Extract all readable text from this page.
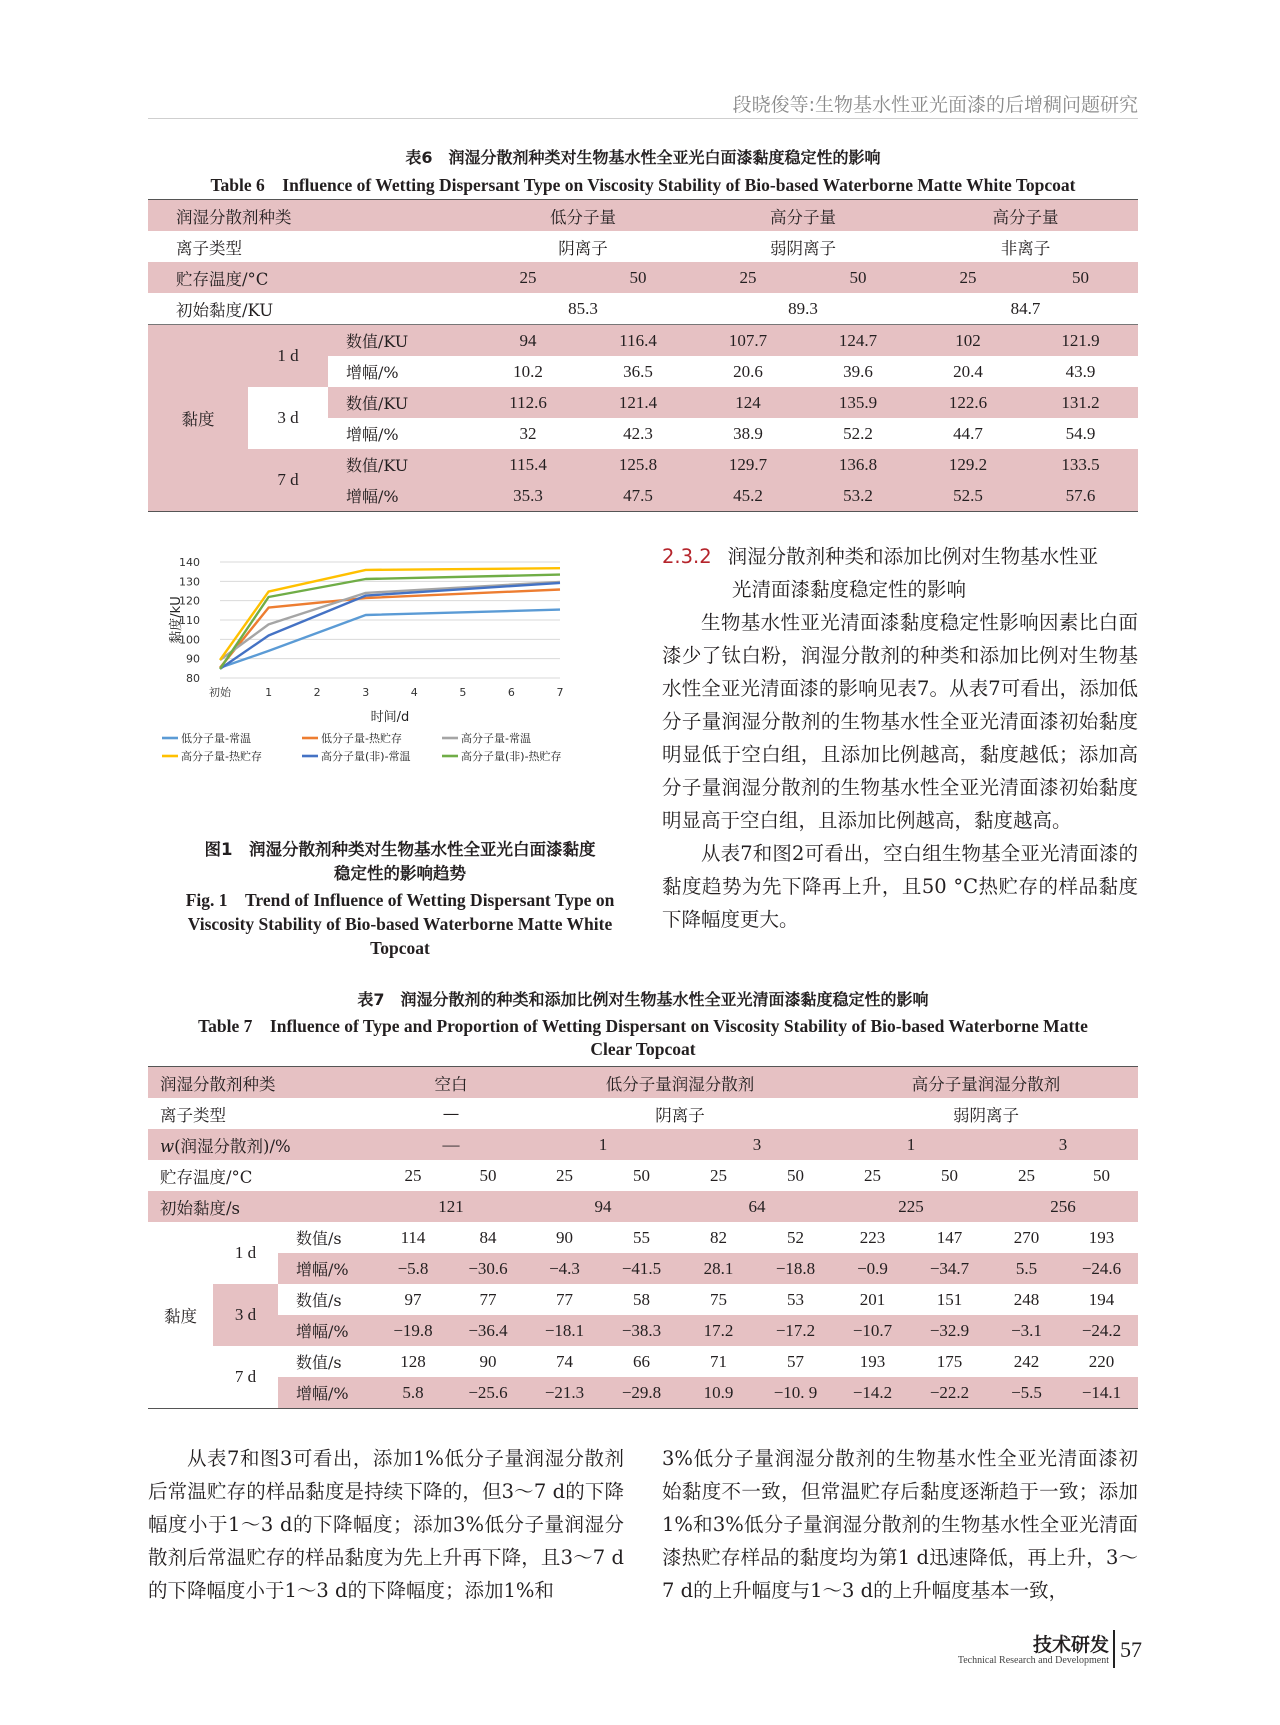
段晓俊等:生物基水性亚光面漆的后增稠问题研究
表6　润湿分散剂种类对生物基水性全亚光白面漆黏度稳定性的影响
Table 6　Influence of Wetting Dispersant Type on Viscosity Stability of Bio-based Waterborne Matte White Topcoat
润湿分散剂种类			低分子量		高分子量		高分子量	
离子类型			阴离子		弱阴离子		非离子	
贮存温度/°C			25	50	25	50	25	50
初始黏度/KU			85.3		89.3		84.7	
黏度	1 d	数值/KU	94	116.4	107.7	124.7	102	121.9
		增幅/%	10.2	36.5	20.6	39.6	20.4	43.9
	3 d	数值/KU	112.6	121.4	124	135.9	122.6	131.2
		增幅/%	32	42.3	38.9	52.2	44.7	54.9
	7 d	数值/KU	115.4	125.8	129.7	136.8	129.2	133.5
		增幅/%	35.3	47.5	45.2	53.2	52.5	57.6
80
90
100
110
120
130
140
初始	1	2	3	4	5	6	7
时间/d
黏度/kU
低分子量-常温	低分子量-热贮存	高分子量-常温
高分子量-热贮存	高分子量(非)-常温	高分子量(非)-热贮存
图1　润湿分散剂种类对生物基水性全亚光白面漆黏度
稳定性的影响趋势
Fig. 1　Trend of Influence of Wetting Dispersant Type on
Viscosity Stability of Bio-based Waterborne Matte White
Topcoat
2.3.2 润湿分散剂种类和添加比例对生物基水性亚
光清面漆黏度稳定性的影响
生物基水性亚光清面漆黏度稳定性影响因素比白面漆少了钛白粉，润湿分散剂的种类和添加比例对生物基水性全亚光清面漆的影响见表7。从表7可看出，添加低分子量润湿分散剂的生物基水性全亚光清面漆初始黏度明显低于空白组，且添加比例越高，黏度越低；添加高分子量润湿分散剂的生物基水性全亚光清面漆初始黏度明显高于空白组，且添加比例越高，黏度越高。
从表7和图2可看出，空白组生物基全亚光清面漆的黏度趋势为先下降再上升，且50 °C热贮存的样品黏度下降幅度更大。
表7　润湿分散剂的种类和添加比例对生物基水性全亚光清面漆黏度稳定性的影响
Table 7　Influence of Type and Proportion of Wetting Dispersant on Viscosity Stability of Bio-based Waterborne Matte
Clear Topcoat
润湿分散剂种类			空白		低分子量润湿分散剂				高分子量润湿分散剂			
离子类型			—		阴离子				弱阴离子			
w(润湿分散剂)/%			—		1		3		1		3	
贮存温度/°C			25	50	25	50	25	50	25	50	25	50
初始黏度/s			121		94		64		225		256	
黏度	1 d	数值/s	114	84	90	55	82	52	223	147	270	193
		增幅/%	−5.8	−30.6	−4.3	−41.5	28.1	−18.8	−0.9	−34.7	5.5	−24.6
	3 d	数值/s	97	77	77	58	75	53	201	151	248	194
		增幅/%	−19.8	−36.4	−18.1	−38.3	17.2	−17.2	−10.7	−32.9	−3.1	−24.2
	7 d	数值/s	128	90	74	66	71	57	193	175	242	220
		增幅/%	5.8	−25.6	−21.3	−29.8	10.9	−10. 9	−14.2	−22.2	−5.5	−14.1
从表7和图3可看出，添加1%低分子量润湿分散剂后常温贮存的样品黏度是持续下降的，但3～7 d的下降幅度小于1～3 d的下降幅度；添加3%低分子量润湿分散剂后常温贮存的样品黏度为先上升再下降，且3～7 d的下降幅度小于1～3 d的下降幅度；添加1%和
3%低分子量润湿分散剂的生物基水性全亚光清面漆初始黏度不一致，但常温贮存后黏度逐渐趋于一致；添加1%和3%低分子量润湿分散剂的生物基水性全亚光清面漆热贮存样品的黏度均为第1 d迅速降低，再上升，3～7 d的上升幅度与1～3 d的上升幅度基本一致，
技术研发
Technical Research and Development 57
